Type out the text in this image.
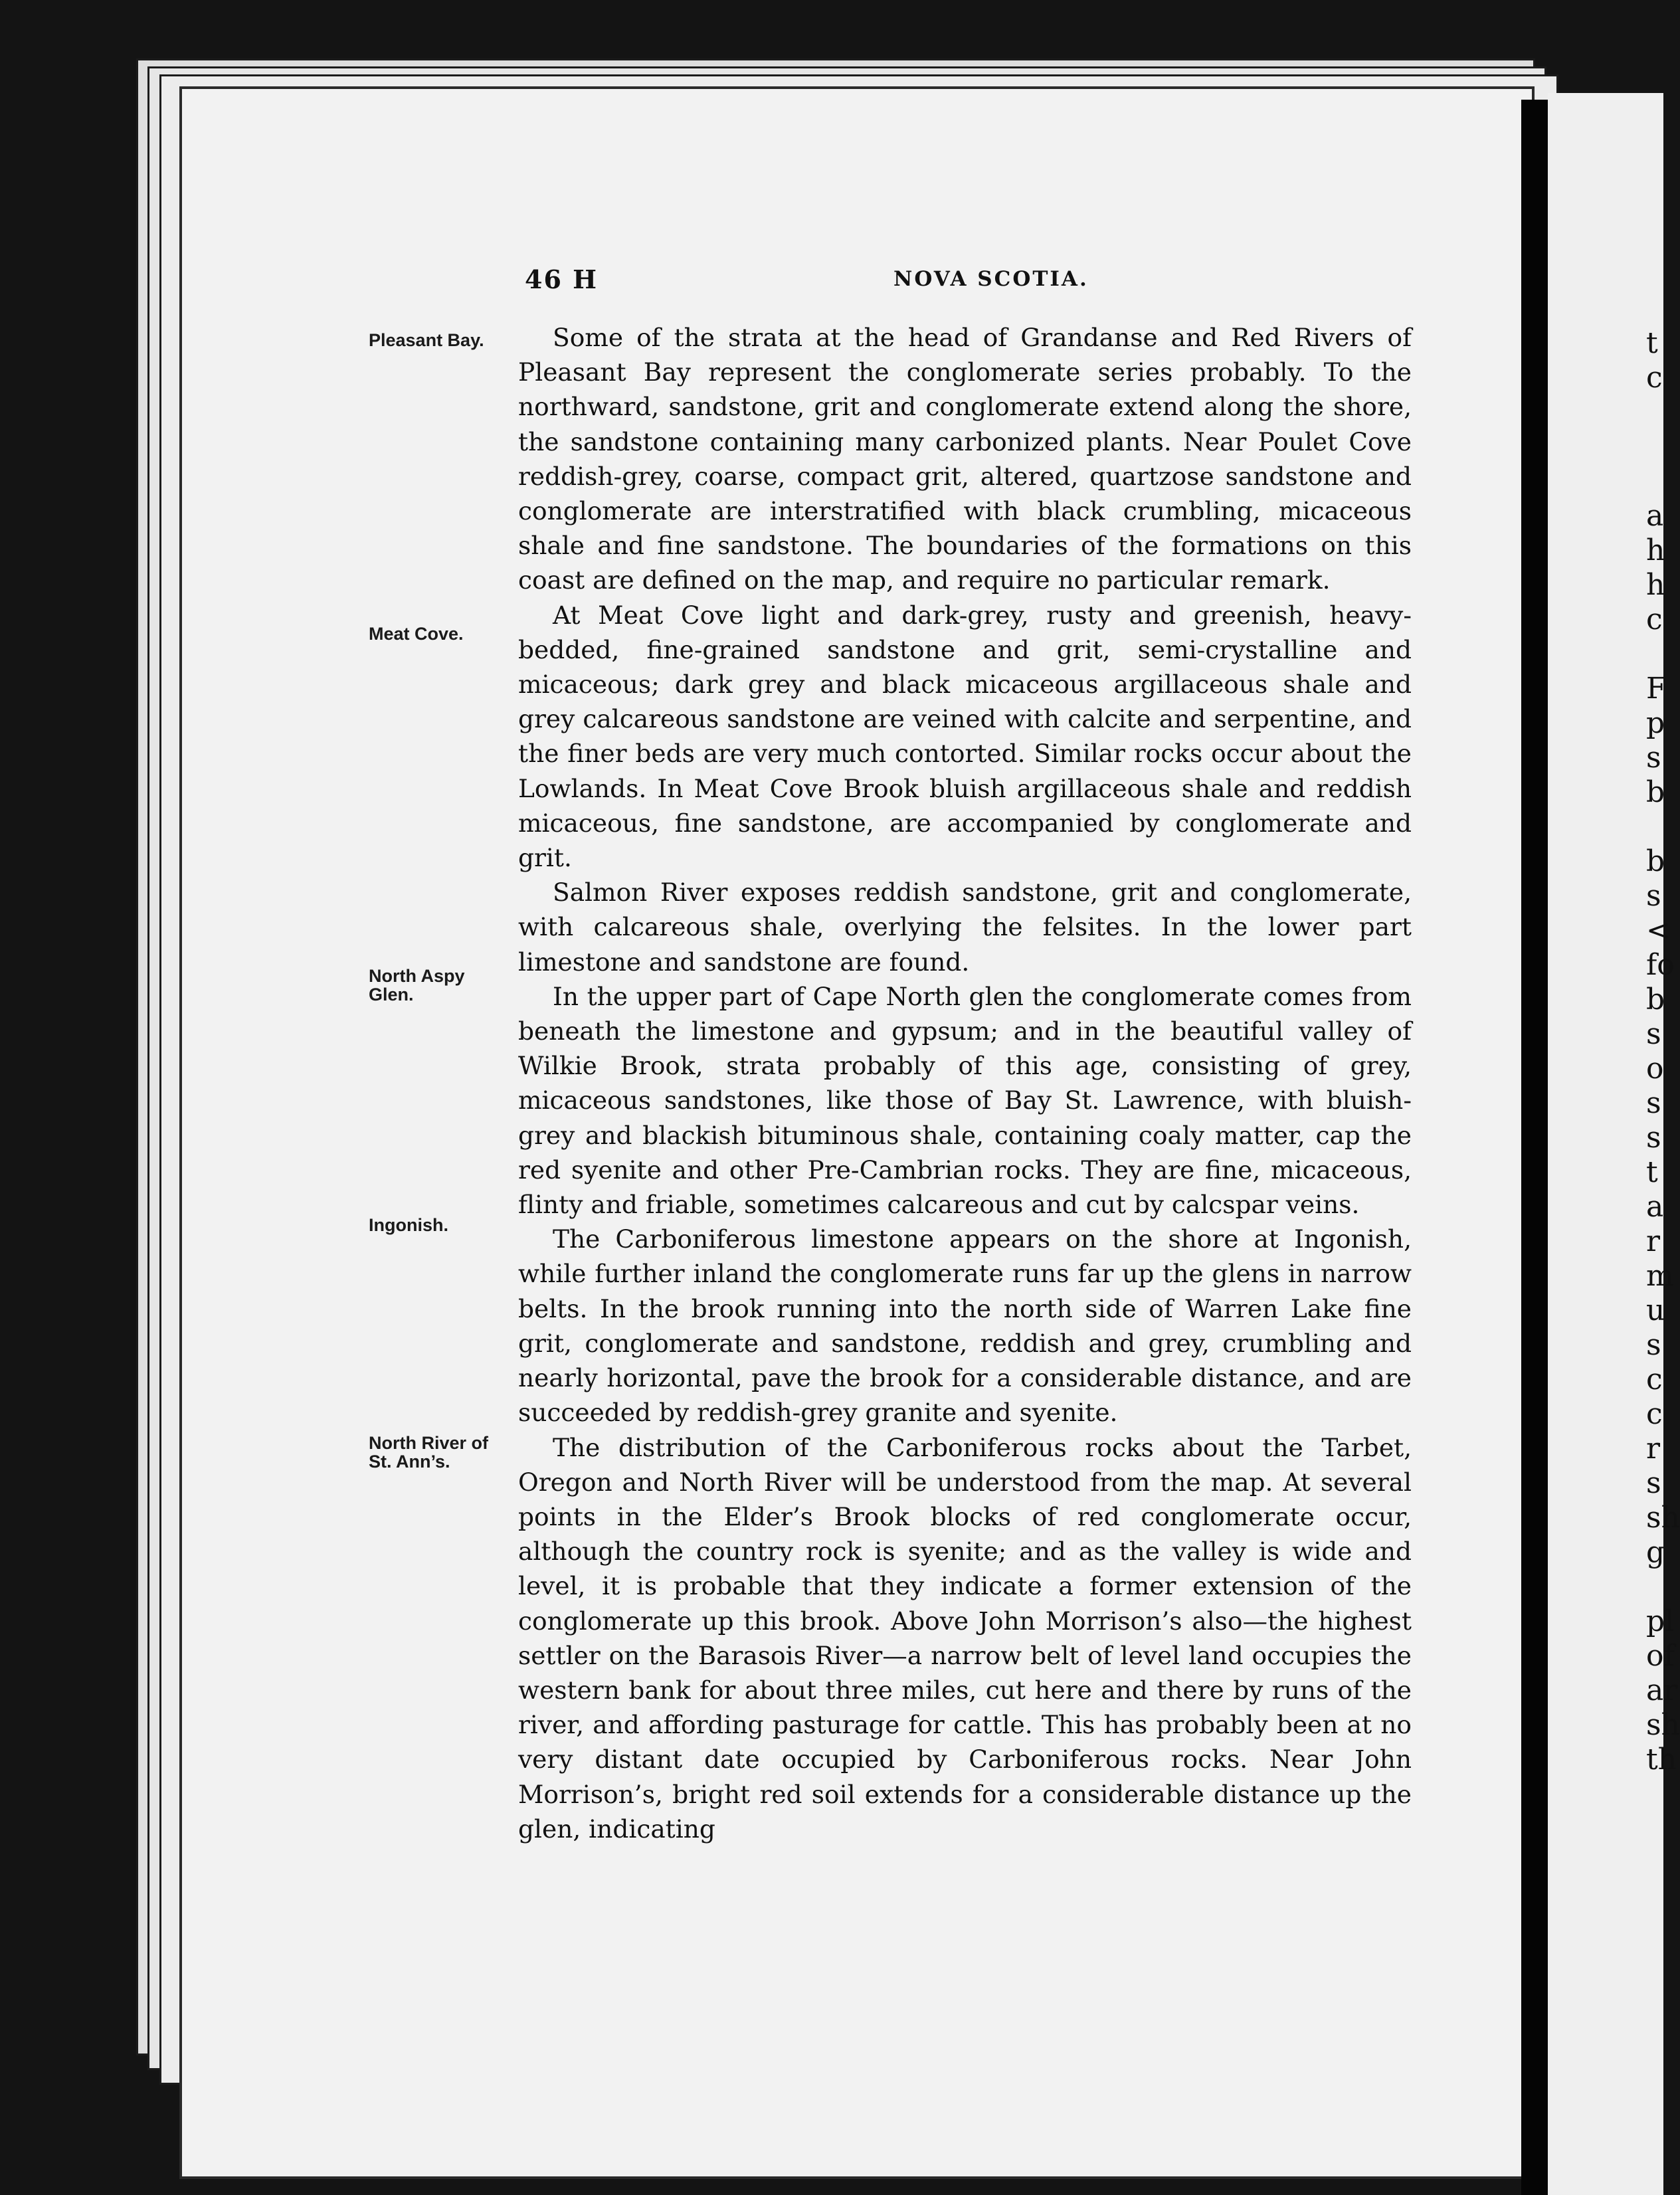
46 H	NOVA SCOTIA.
Pleasant Bay.
Meat Cove.
North Aspy Glen.
Ingonish.
North River of St. Ann’s.

Some of the strata at the head of Grandanse and Red Rivers of Pleasant Bay represent the conglomerate series probably. To the northward, sandstone, grit and conglomerate extend along the shore, the sandstone containing many carbonized plants. Near Poulet Cove reddish-grey, coarse, compact grit, altered, quartzose sandstone and conglomerate are interstratified with black crumbling, micaceous shale and fine sandstone. The boundaries of the formations on this coast are defined on the map, and require no particular remark.

At Meat Cove light and dark-grey, rusty and greenish, heavy-bedded, fine-grained sandstone and grit, semi-crystalline and micaceous; dark grey and black micaceous argillaceous shale and grey calcareous sandstone are veined with calcite and serpentine, and the finer beds are very much contorted. Similar rocks occur about the Lowlands. In Meat Cove Brook bluish argillaceous shale and reddish micaceous, fine sandstone, are accompanied by conglomerate and grit.

Salmon River exposes reddish sandstone, grit and conglomerate, with calcareous shale, overlying the felsites. In the lower part limestone and sandstone are found.

In the upper part of Cape North glen the conglomerate comes from beneath the limestone and gypsum; and in the beautiful valley of Wilkie Brook, strata probably of this age, consisting of grey, micaceous sandstones, like those of Bay St. Lawrence, with bluish-grey and blackish bituminous shale, containing coaly matter, cap the red syenite and other Pre-Cambrian rocks. They are fine, micaceous, flinty and friable, sometimes calcareous and cut by calcspar veins.

The Carboniferous limestone appears on the shore at Ingonish, while further inland the conglomerate runs far up the glens in narrow belts. In the brook running into the north side of Warren Lake fine grit, conglomerate and sandstone, reddish and grey, crumbling and nearly horizontal, pave the brook for a considerable distance, and are succeeded by reddish-grey granite and syenite.

The distribution of the Carboniferous rocks about the Tarbet, Oregon and North River will be understood from the map. At several points in the Elder’s Brook blocks of red conglomerate occur, although the country rock is syenite; and as the valley is wide and level, it is probable that they indicate a former extension of the conglomerate up this brook. Above John Morrison’s also—the highest settler on the Barasois River—a narrow belt of level land occupies the western bank for about three miles, cut here and there by runs of the river, and affording pasturage for cattle. This has probably been at no very distant date occupied by Carboniferous rocks. Near John Morrison’s, bright red soil extends for a considerable distance up the glen, indicating

t
c
a
h
h
c
F
p
s
b
b
s
<
fo
b
s
o
s
s
t
a
r
m
u
s
c
c
r
s
sh
g
pl
of
ar
sh
th
